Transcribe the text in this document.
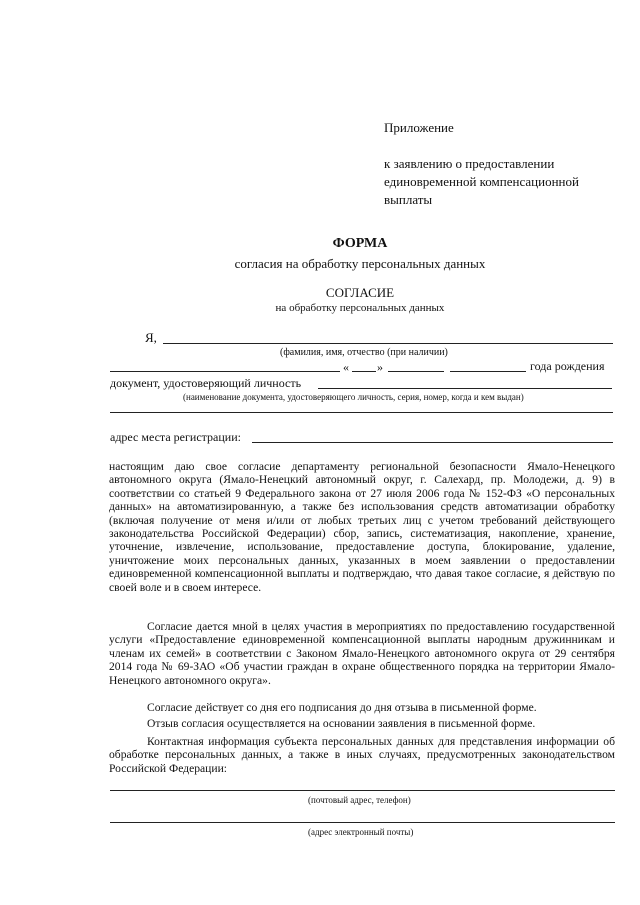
Приложение
к заявлению о предоставлении
единовременной компенсационной
выплаты
ФОРМА
согласия на обработку персональных данных
СОГЛАСИЕ
на обработку персональных данных
Я,
(фамилия, имя, отчество (при наличии)
« »	года рождения
документ, удостоверяющий личность
(наименование документа, удостоверяющего личность, серия, номер, когда и кем выдан)
адрес места регистрации:

настоящим даю свое согласие департаменту региональной безопасности Ямало-Ненецкого автономного округа (Ямало-Ненецкий автономный округ, г. Салехард, пр. Молодежи, д. 9) в соответствии со статьей 9 Федерального закона от 27 июля 2006 года № 152-ФЗ «О персональных данных» на автоматизированную, а также без использования средств автоматизации обработку (включая получение от меня и/или от любых третьих лиц с учетом требований действующего законодательства Российской Федерации) сбор, запись, систематизация, накопление, хранение, уточнение, извлечение, использование, предоставление доступа, блокирование, удаление, уничтожение моих персональных данных, указанных в моем заявлении о предоставлении единовременной компенсационной выплаты и подтверждаю, что давая такое согласие, я действую по своей воле и в своем интересе.

Согласие дается мной в целях участия в мероприятиях по предоставлению государственной услуги «Предоставление единовременной компенсационной выплаты народным дружинникам и членам их семей» в соответствии с Законом Ямало-Ненецкого автономного округа от 29 сентября 2014 года № 69-ЗАО «Об участии граждан в охране общественного порядка на территории Ямало-Ненецкого автономного округа».

Согласие действует со дня его подписания до дня отзыва в письменной форме.

Отзыв согласия осуществляется на основании заявления в письменной форме.

Контактная информация субъекта персональных данных для представления информации об обработке персональных данных, а также в иных случаях, предусмотренных законодательством Российской Федерации:

(почтовый адрес, телефон)
(адрес электронный почты)
